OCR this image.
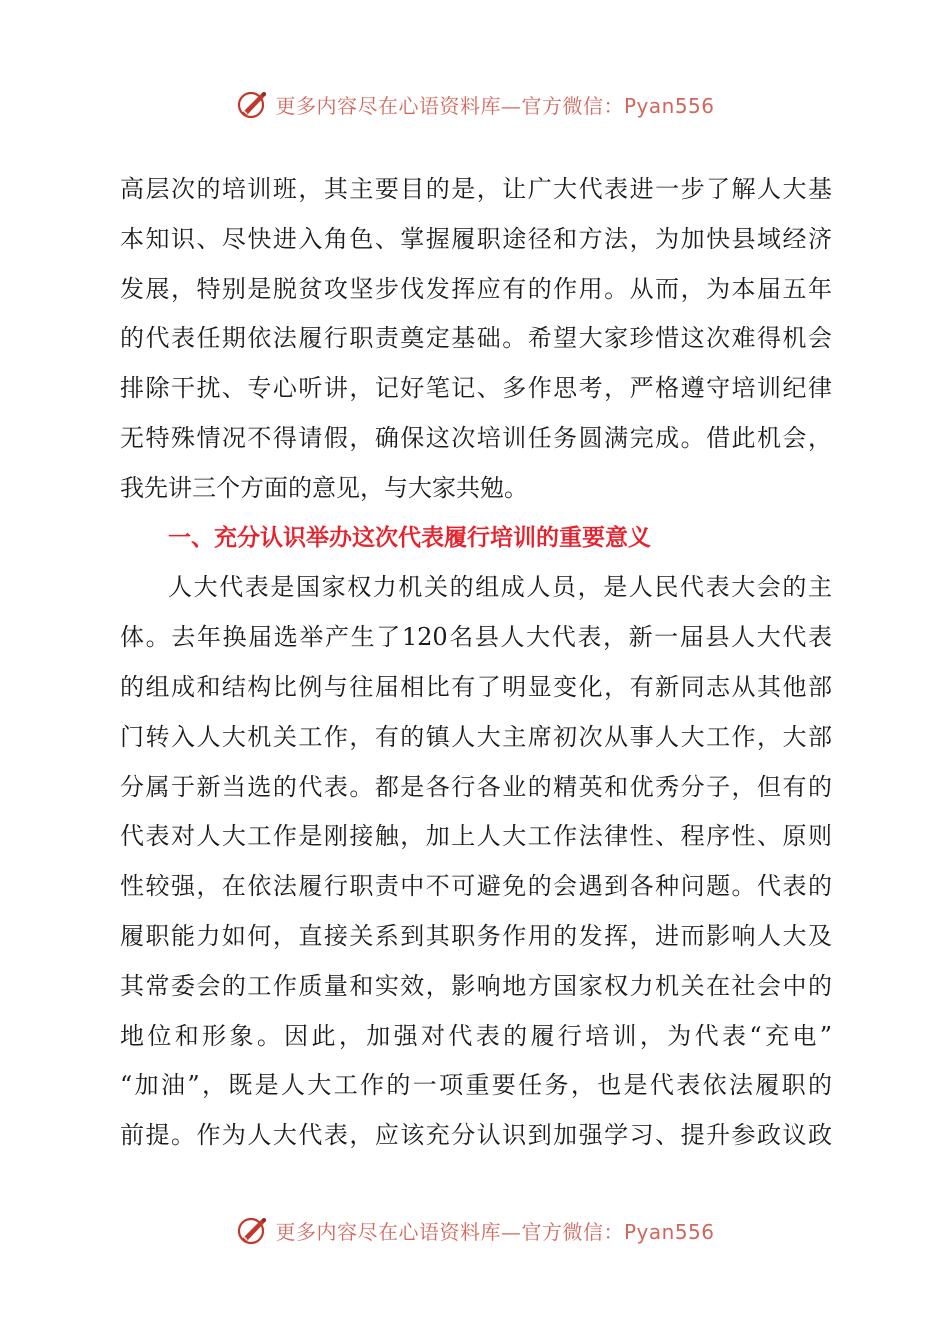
更多内容尽在心语资料库—官方微信：Pyan556
高层次的培训班，其主要目的是，让广大代表进一步了解人大基
本知识、尽快进入角色、掌握履职途径和方法，为加快县域经济
发展，特别是脱贫攻坚步伐发挥应有的作用。从而，为本届五年
的代表任期依法履行职责奠定基础。希望大家珍惜这次难得机会
排除干扰、专心听讲，记好笔记、多作思考，严格遵守培训纪律
无特殊情况不得请假，确保这次培训任务圆满完成。借此机会，
我先讲三个方面的意见，与大家共勉。
一、充分认识举办这次代表履行培训的重要意义
人大代表是国家权力机关的组成人员，是人民代表大会的主
体。去年换届选举产生了120名县人大代表，新一届县人大代表
的组成和结构比例与往届相比有了明显变化，有新同志从其他部
门转入人大机关工作，有的镇人大主席初次从事人大工作，大部
分属于新当选的代表。都是各行各业的精英和优秀分子，但有的
代表对人大工作是刚接触，加上人大工作法律性、程序性、原则
性较强，在依法履行职责中不可避免的会遇到各种问题。代表的
履职能力如何，直接关系到其职务作用的发挥，进而影响人大及
其常委会的工作质量和实效，影响地方国家权力机关在社会中的
地位和形象。因此，加强对代表的履行培训，为代表“充电”
“加油”，既是人大工作的一项重要任务，也是代表依法履职的
前提。作为人大代表，应该充分认识到加强学习、提升参政议政
更多内容尽在心语资料库—官方微信：Pyan556
